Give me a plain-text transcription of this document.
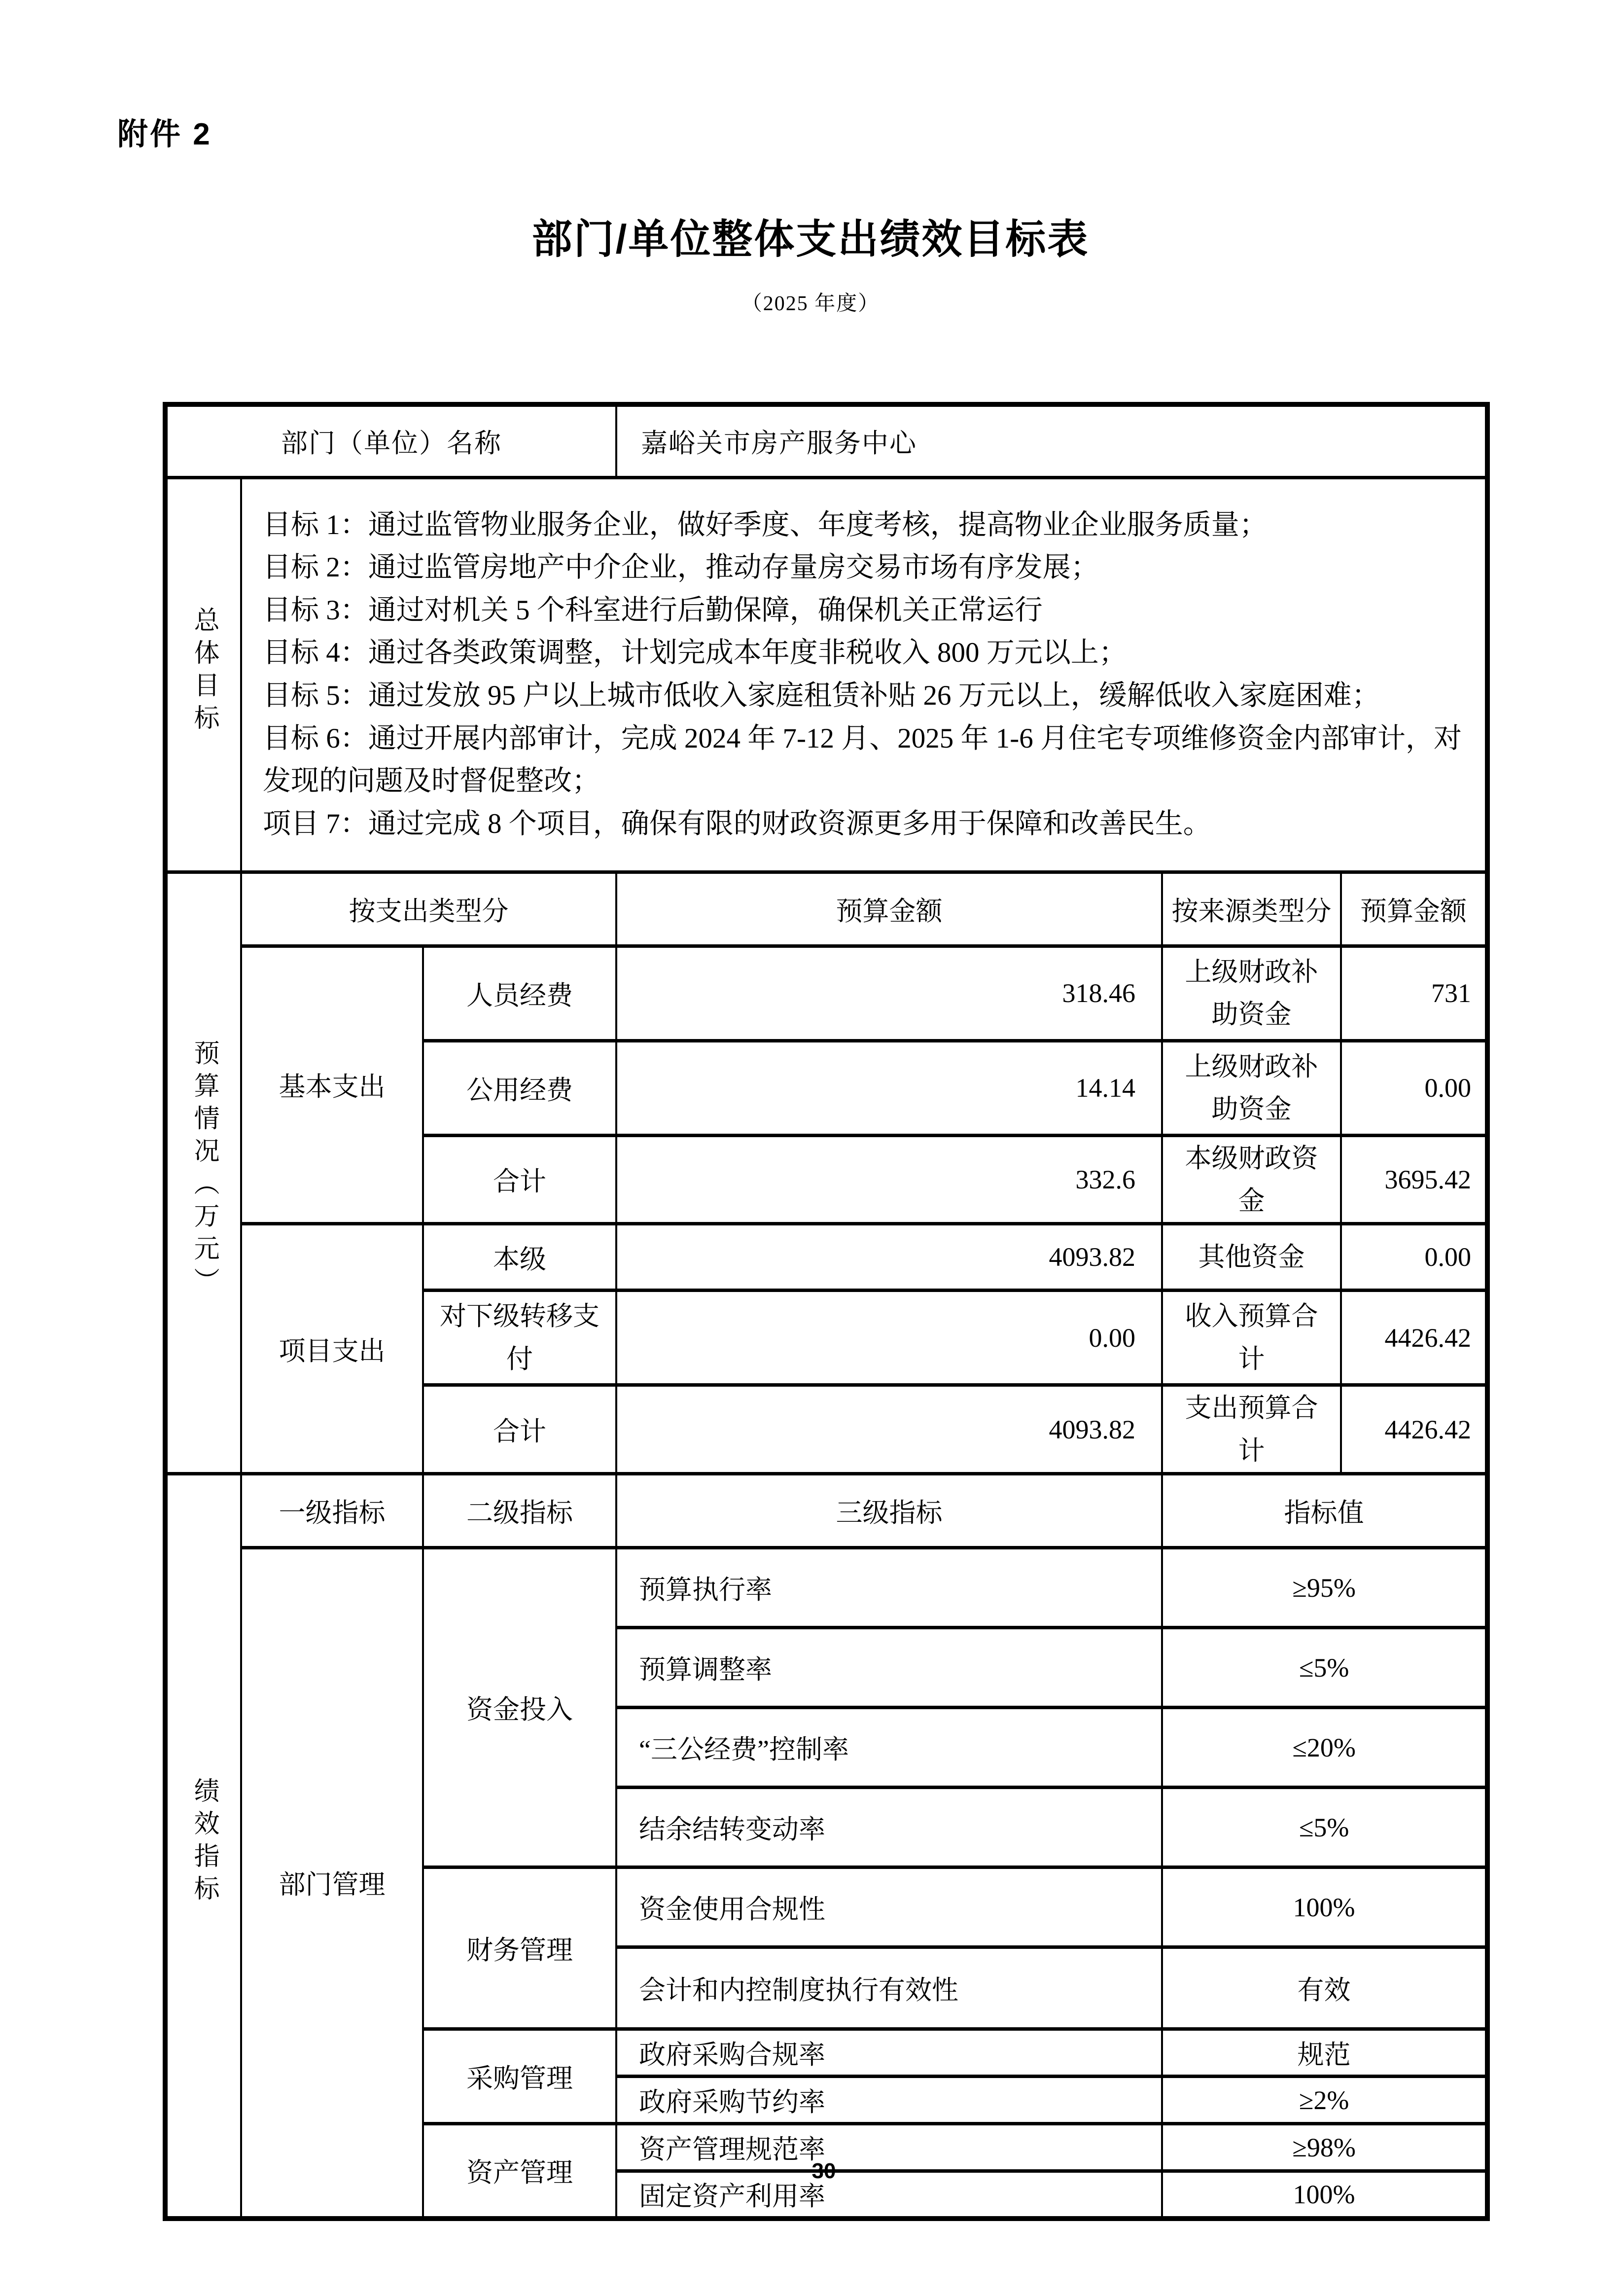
附件 2
部门/单位整体支出绩效目标表
（2025 年度）
部门（单位）名称			嘉峪关市房产服务中心		
总体目标	
目标 1：通过监管物业服务企业，做好季度、年度考核，提高物业企业服务质量；
目标 2：通过监管房地产中介企业，推动存量房交易市场有序发展；
目标 3：通过对机关 5 个科室进行后勤保障，确保机关正常运行
目标 4：通过各类政策调整，计划完成本年度非税收入 800 万元以上；
目标 5：通过发放 95 户以上城市低收入家庭租赁补贴 26 万元以上，缓解低收入家庭困难；
目标 6：通过开展内部审计，完成 2024 年 7-12 月、2025 年 1-6 月住宅专项维修资金内部审计，对发现的问题及时督促整改；
项目 7：通过完成 8 个项目，确保有限的财政资源更多用于保障和改善民生。

预算情况（万元）	按支出类型分		预算金额	按来源类型分	预算金额
	基本支出	人员经费	318.46	上级财政补助资金	731
		公用经费	14.14	上级财政补助资金	0.00
		合计	332.6	本级财政资金	3695.42
	项目支出	本级	4093.82	其他资金	0.00
		对下级转移支付	0.00	收入预算合计	4426.42
		合计	4093.82	支出预算合计	4426.42
绩效指标	一级指标	二级指标	三级指标	指标值	
	部门管理	资金投入	预算执行率	≥95%	
			预算调整率	≤5%	
			“三公经费”控制率	≤20%	
			结余结转变动率	≤5%	
		财务管理	资金使用合规性	100%	
			会计和内控制度执行有效性	有效	
		采购管理	政府采购合规率	规范	
			政府采购节约率	≥2%	
		资产管理	资产管理规范率	≥98%	
			固定资产利用率	100%	
30
